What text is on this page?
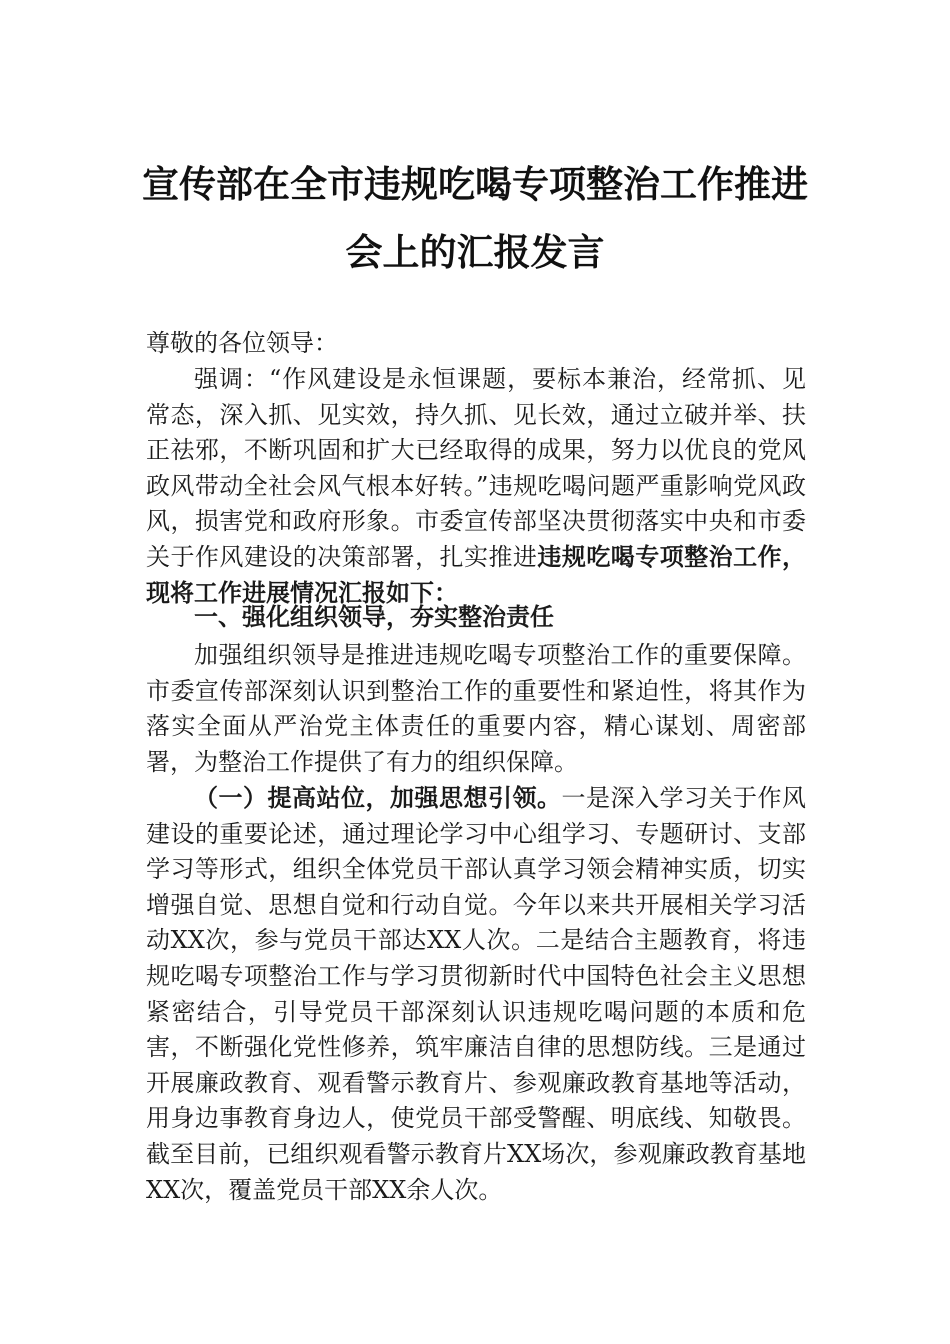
宣传部在全市违规吃喝专项整治工作推进
会上的汇报发言

尊敬的各位领导：

强调：“作风建设是永恒课题，要标本兼治，经常抓、见常态，深入抓、见实效，持久抓、见长效，通过立破并举、扶正祛邪，不断巩固和扩大已经取得的成果，努力以优良的党风政风带动全社会风气根本好转。”违规吃喝问题严重影响党风政风，损害党和政府形象。市委宣传部坚决贯彻落实中央和市委关于作风建设的决策部署，扎实推进违规吃喝专项整治工作，现将工作进展情况汇报如下：

一、强化组织领导，夯实整治责任

加强组织领导是推进违规吃喝专项整治工作的重要保障。市委宣传部深刻认识到整治工作的重要性和紧迫性，将其作为落实全面从严治党主体责任的重要内容，精心谋划、周密部署，为整治工作提供了有力的组织保障。

（一）提高站位，加强思想引领。一是深入学习关于作风建设的重要论述，通过理论学习中心组学习、专题研讨、支部学习等形式，组织全体党员干部认真学习领会精神实质，切实增强自觉、思想自觉和行动自觉。今年以来共开展相关学习活动XX次，参与党员干部达XX人次。二是结合主题教育，将违规吃喝专项整治工作与学习贯彻新时代中国特色社会主义思想紧密结合，引导党员干部深刻认识违规吃喝问题的本质和危害，不断强化党性修养，筑牢廉洁自律的思想防线。三是通过开展廉政教育、观看警示教育片、参观廉政教育基地等活动，用身边事教育身边人，使党员干部受警醒、明底线、知敬畏。截至目前，已组织观看警示教育片XX场次，参观廉政教育基地XX次，覆盖党员干部XX余人次。
